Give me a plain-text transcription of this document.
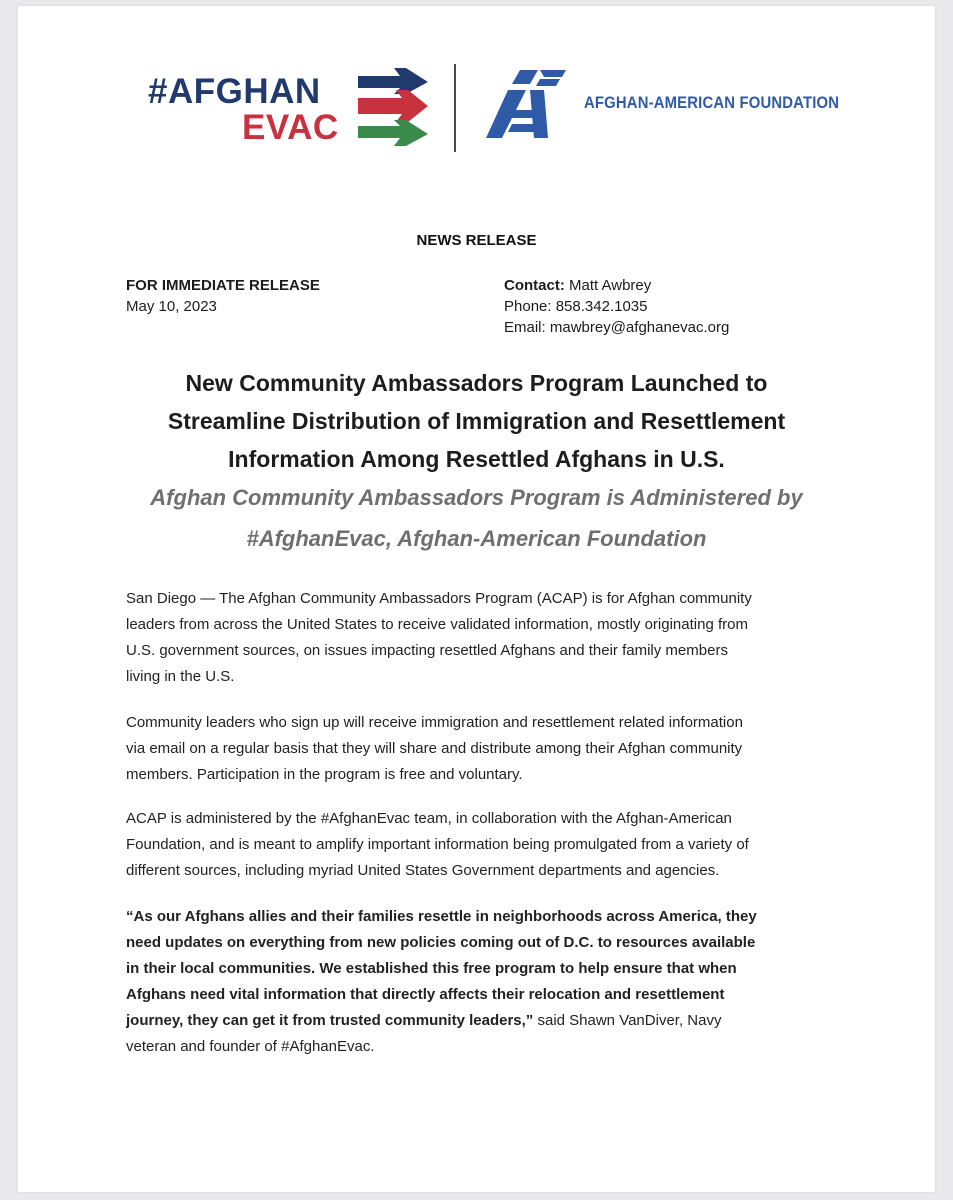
#AFGHAN
EVAC
AFGHAN-AMERICAN FOUNDATION
NEWS RELEASE
FOR IMMEDIATE RELEASE
May 10, 2023
Contact: Matt Awbrey
Phone: 858.342.1035
Email: mawbrey@afghanevac.org
New Community Ambassadors Program Launched to
Streamline Distribution of Immigration and Resettlement
Information Among Resettled Afghans in U.S.
Afghan Community Ambassadors Program is Administered by
#AfghanEvac, Afghan-American Foundation
San Diego — The Afghan Community Ambassadors Program (ACAP) is for Afghan community
leaders from across the United States to receive validated information, mostly originating from
U.S. government sources, on issues impacting resettled Afghans and their family members
living in the U.S.
Community leaders who sign up will receive immigration and resettlement related information
via email on a regular basis that they will share and distribute among their Afghan community
members. Participation in the program is free and voluntary.
ACAP is administered by the #AfghanEvac team, in collaboration with the Afghan-American
Foundation, and is meant to amplify important information being promulgated from a variety of
different sources, including myriad United States Government departments and agencies.
“As our Afghans allies and their families resettle in neighborhoods across America, they
need updates on everything from new policies coming out of D.C. to resources available
in their local communities. We established this free program to help ensure that when
Afghans need vital information that directly affects their relocation and resettlement
journey, they can get it from trusted community leaders,” said Shawn VanDiver, Navy
veteran and founder of #AfghanEvac.
